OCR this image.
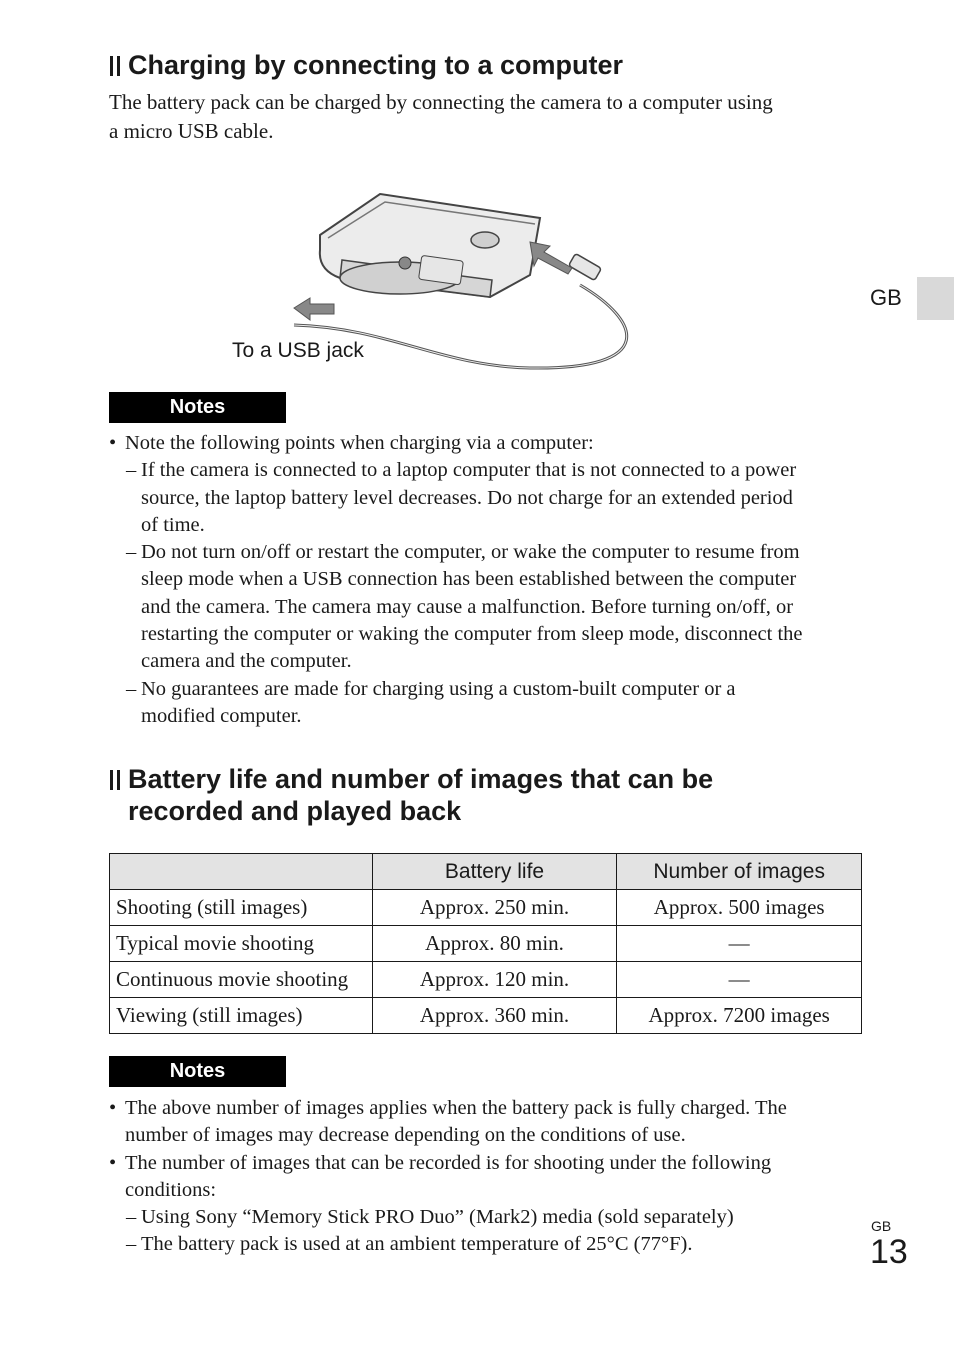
Charging by connecting to a computer
The battery pack can be charged by connecting the camera to a computer using
a micro USB cable.
GB
To a USB jack
Notes
• Note the following points when charging via a computer:
– If the camera is connected to a laptop computer that is not connected to a power
source, the laptop battery level decreases. Do not charge for an extended period
of time.
– Do not turn on/off or restart the computer, or wake the computer to resume from
sleep mode when a USB connection has been established between the computer
and the camera. The camera may cause a malfunction. Before turning on/off, or
restarting the computer or waking the computer from sleep mode, disconnect the
camera and the computer.
– No guarantees are made for charging using a custom-built computer or a
modified computer.
Battery life and number of images that can be
recorded and played back
	Battery life	Number of images
Shooting (still images)	Approx. 250 min.	Approx. 500 images
Typical movie shooting	Approx. 80 min.	—
Continuous movie shooting	Approx. 120 min.	—
Viewing (still images)	Approx. 360 min.	Approx. 7200 images
Notes
• The above number of images applies when the battery pack is fully charged. The
number of images may decrease depending on the conditions of use.
• The number of images that can be recorded is for shooting under the following
conditions:
– Using Sony “Memory Stick PRO Duo” (Mark2) media (sold separately)
– The battery pack is used at an ambient temperature of 25°C (77°F).
GB
13
